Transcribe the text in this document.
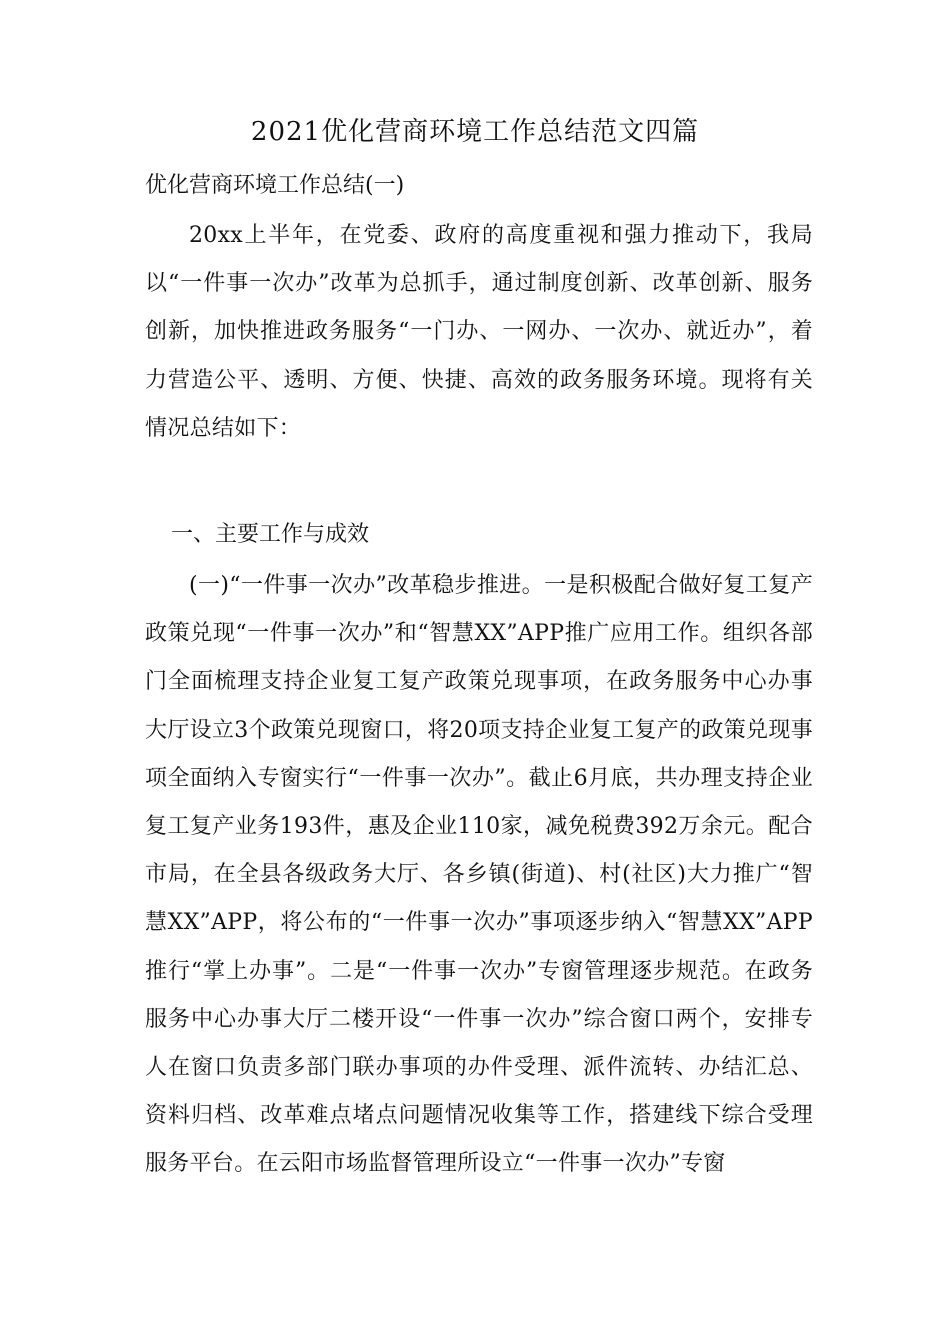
2021优化营商环境工作总结范文四篇
优化营商环境工作总结(一)

20xx上半年，在党委、政府的高度重视和强力推动下，我局以“一件事一次办”改革为总抓手，通过制度创新、改革创新、服务创新，加快推进政务服务“一门办、一网办、一次办、就近办”，着力营造公平、透明、方便、快捷、高效的政务服务环境。现将有关情况总结如下：

一、主要工作与成效

(一)“一件事一次办”改革稳步推进。一是积极配合做好复工复产政策兑现“一件事一次办”和“智慧XX”APP推广应用工作。组织各部门全面梳理支持企业复工复产政策兑现事项，在政务服务中心办事大厅设立3个政策兑现窗口，将20项支持企业复工复产的政策兑现事项全面纳入专窗实行“一件事一次办”。截止6月底，共办理支持企业复工复产业务193件，惠及企业110家，减免税费392万余元。配合市局，在全县各级政务大厅、各乡镇(街道)、村(社区)大力推广“智慧XX”APP，将公布的“一件事一次办”事项逐步纳入“智慧XX”APP推行“掌上办事”。二是“一件事一次办”专窗管理逐步规范。在政务服务中心办事大厅二楼开设“一件事一次办”综合窗口两个，安排专人在窗口负责多部门联办事项的办件受理、派件流转、办结汇总、资料归档、改革难点堵点问题情况收集等工作，搭建线下综合受理服务平台。在云阳市场监督管理所设立“一件事一次办”专窗
